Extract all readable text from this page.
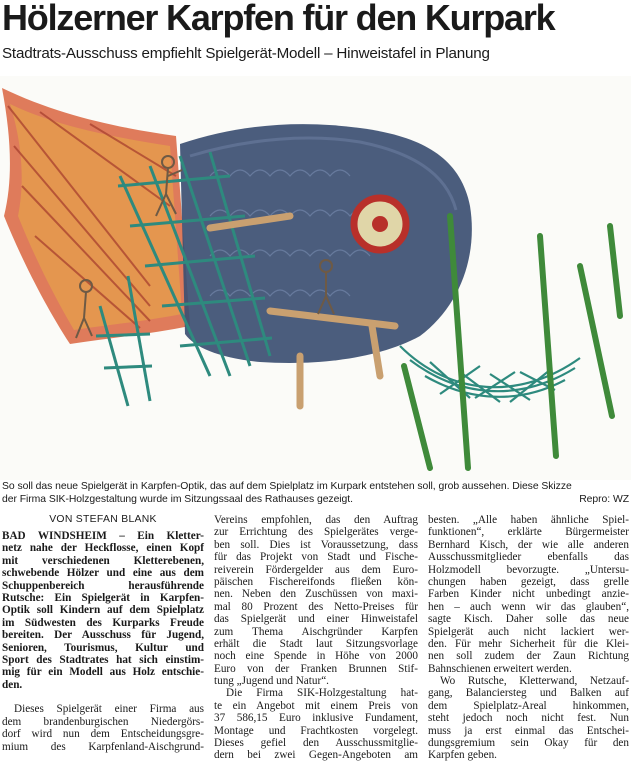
Hölzerner Karpfen für den Kurpark

Stadtrats-Ausschuss empfiehlt Spielgerät-Modell – Hinweistafel in Planung

So soll das neue Spielgerät in Karpfen-Optik, das auf dem Spielplatz im Kurpark entstehen soll, grob aussehen. Diese Skizze
der Firma SIK-Holzgestaltung wurde im Sitzungssaal des Rathauses gezeigt.	Repro: WZ
VON STEFAN BLANK
BAD WINDSHEIM – Ein Kletter-
netz nahe der Heckflosse, einen Kopf
mit verschiedenen Kletterebenen,
schwebende Hölzer und eine aus dem
Schuppenbereich herausführende
Rutsche: Ein Spielgerät in Karpfen-
Optik soll Kindern auf dem Spielplatz
im Südwesten des Kurparks Freude
bereiten. Der Ausschuss für Jugend,
Senioren, Tourismus, Kultur und
Sport des Stadtrates hat sich einstim-
mig für ein Modell aus Holz entschie-
den.
Dieses Spielgerät einer Firma aus
dem brandenburgischen Niedergörs-
dorf wird nun dem Entscheidungsgre-
mium des Karpfenland-Aischgrund-
Vereins empfohlen, das den Auftrag
zur Errichtung des Spielgerätes verge-
ben soll. Dies ist Voraussetzung, dass
für das Projekt von Stadt und Fische-
reiverein Fördergelder aus dem Euro-
päischen Fischereifonds fließen kön-
nen. Neben den Zuschüssen von maxi-
mal 80 Prozent des Netto-Preises für
das Spielgerät und einer Hinweistafel
zum Thema Aischgründer Karpfen
erhält die Stadt laut Sitzungsvorlage
noch eine Spende in Höhe von 2000
Euro von der Franken Brunnen Stif-
tung „Jugend und Natur“.
Die Firma SIK-Holzgestaltung hat-
te ein Angebot mit einem Preis von
37 586,15 Euro inklusive Fundament,
Montage und Frachtkosten vorgelegt.
Dieses gefiel den Ausschussmitglie-
dern bei zwei Gegen-Angeboten am
besten. „Alle haben ähnliche Spiel-
funktionen“, erklärte Bürgermeister
Bernhard Kisch, der wie alle anderen
Ausschussmitglieder ebenfalls das
Holzmodell bevorzugte. „Untersu-
chungen haben gezeigt, dass grelle
Farben Kinder nicht unbedingt anzie-
hen – auch wenn wir das glauben“,
sagte Kisch. Daher solle das neue
Spielgerät auch nicht lackiert wer-
den. Für mehr Sicherheit für die Klei-
nen soll zudem der Zaun Richtung
Bahnschienen erweitert werden.
Wo Rutsche, Kletterwand, Netzauf-
gang, Balanciersteg und Balken auf
dem Spielplatz-Areal hinkommen,
steht jedoch noch nicht fest. Nun
muss ja erst einmal das Entschei-
dungsgremium sein Okay für den
Karpfen geben.
